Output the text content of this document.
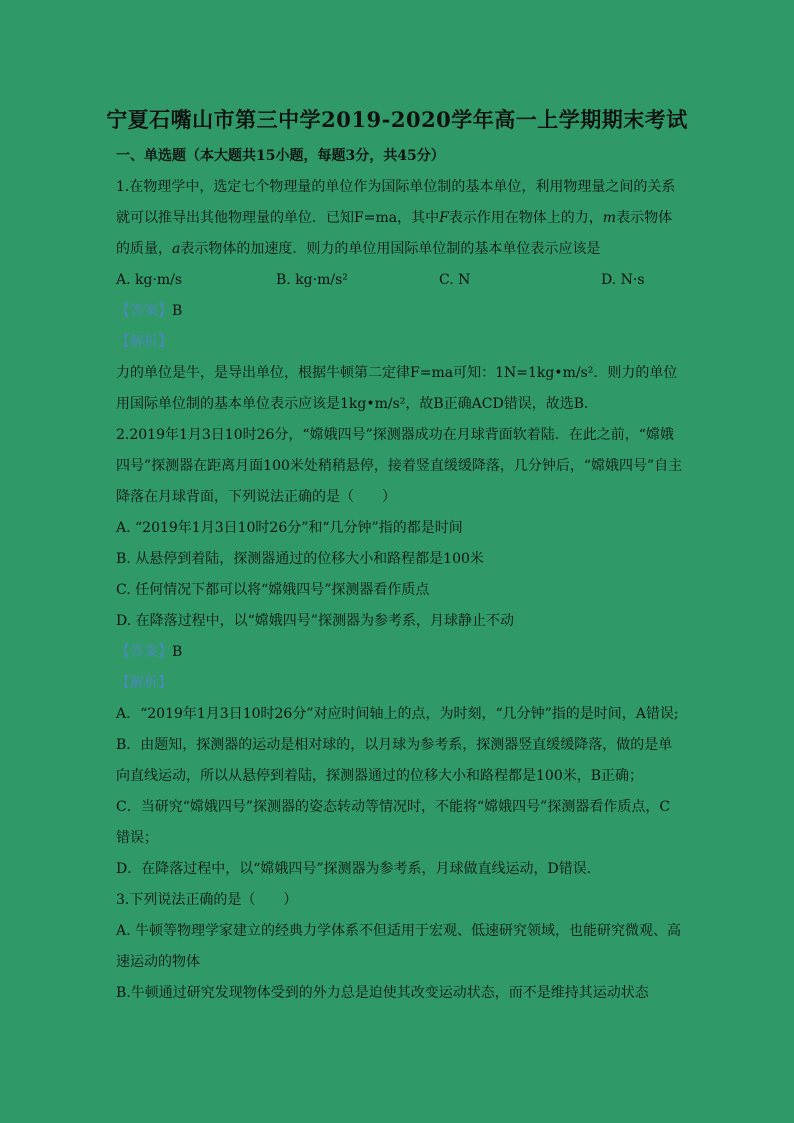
宁夏石嘴山市第三中学2019-2020学年高一上学期期末考试
一、单选题（本大题共15小题，每题3分，共45分）

1.在物理学中，选定七个物理量的单位作为国际单位制的基本单位，利用物理量之间的关系就可以推导出其他物理量的单位．已知F=ma，其中F表示作用在物体上的力，m表示物体的质量，a表示物体的加速度．则力的单位用国际单位制的基本单位表示应该是

A. kg·m/s	B. kg·m/s²	C. N	D. N·s

【答案】B

【解析】

力的单位是牛，是导出单位，根据牛顿第二定律F=ma可知：1N=1kg•m/s²．则力的单位用国际单位制的基本单位表示应该是1kg•m/s²，故B正确ACD错误，故选B．

2.2019年1月3日10时26分，“嫦娥四号”探测器成功在月球背面软着陆．在此之前，“嫦娥四号”探测器在距离月面100米处稍稍悬停，接着竖直缓缓降落，几分钟后，“嫦娥四号”自主降落在月球背面，下列说法正确的是（　　）

A. “2019年1月3日10时26分”和“几分钟”指的都是时间

B. 从悬停到着陆，探测器通过的位移大小和路程都是100米

C. 任何情况下都可以将“嫦娥四号”探测器看作质点

D. 在降落过程中，以“嫦娥四号”探测器为参考系，月球静止不动

【答案】B

【解析】

A．“2019年1月3日10时26分”对应时间轴上的点，为时刻，“几分钟”指的是时间，A错误;

B．由题知，探测器的运动是相对球的，以月球为参考系，探测器竖直缓缓降落，做的是单向直线运动，所以从悬停到着陆，探测器通过的位移大小和路程都是100米，B正确；

C．当研究“嫦娥四号”探测器的姿态转动等情况时，不能将“嫦娥四号”探测器看作质点，C错误；

D．在降落过程中，以“嫦娥四号”探测器为参考系，月球做直线运动，D错误．

3.下列说法正确的是（　　）

A. 牛顿等物理学家建立的经典力学体系不但适用于宏观、低速研究领域，也能研究微观、高速运动的物体

B.牛顿通过研究发现物体受到的外力总是迫使其改变运动状态，而不是维持其运动状态
